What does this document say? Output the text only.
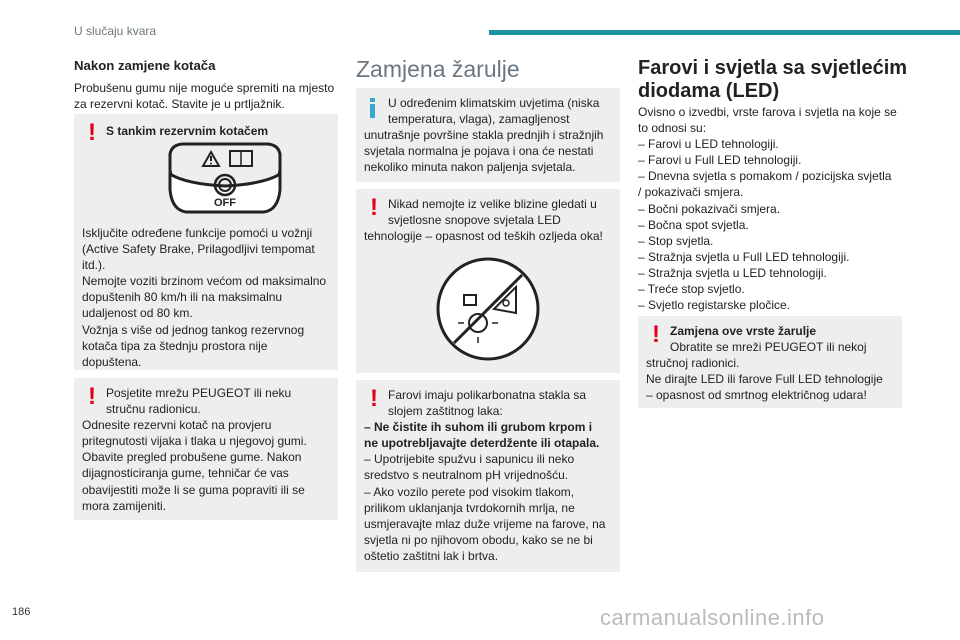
U slučaju kvara
Nakon zamjene kotača
Probušenu gumu nije moguće spremiti na mjesto
za rezervni kotač. Stavite je u prtljažnik.
! S tankim rezervnim kotačem
OFF
Isključite određene funkcije pomoći u vožnji
(Active Safety Brake, Prilagodljivi tempomat
itd.).
Nemojte voziti brzinom većom od maksimalno
dopuštenih 80 km/h ili na maksimalnu
udaljenost od 80 km.
Vožnja s više od jednog tankog rezervnog
kotača tipa za štednju prostora nije
dopuštena.
! Posjetite mrežu PEUGEOT ili neku
stručnu radionicu.
Odnesite rezervni kotač na provjeru
pritegnutosti vijaka i tlaka u njegovoj gumi.
Obavite pregled probušene gume. Nakon
dijagnosticiranja gume, tehničar će vas
obavijestiti može li se guma popraviti ili se
mora zamijeniti.
Zamjena žarulje
U određenim klimatskim uvjetima (niska
temperatura, vlaga), zamagljenost
unutrašnje površine stakla prednjih i stražnjih
svjetala normalna je pojava i ona će nestati
nekoliko minuta nakon paljenja svjetala.
! Nikad nemojte iz velike blizine gledati u
svjetlosne snopove svjetala LED
tehnologije – opasnost od teških ozljeda oka!
! Farovi imaju polikarbonatna stakla sa
slojem zaštitnog laka:
– Ne čistite ih suhom ili grubom krpom i
ne upotrebljavajte deterdžente ili otapala.
– Upotrijebite spužvu i sapunicu ili neko
sredstvo s neutralnom pH vrijednošću.
– Ako vozilo perete pod visokim tlakom,
prilikom uklanjanja tvrdokornih mrlja, ne
usmjeravajte mlaz duže vrijeme na farove, na
svjetla ni po njihovom obodu, kako se ne bi
oštetio zaštitni lak i brtva.
Farovi i svjetla sa svjetlećim
diodama (LED)
Ovisno o izvedbi, vrste farova i svjetla na koje se
to odnosi su:
– Farovi u LED tehnologiji.
– Farovi u Full LED tehnologiji.
– Dnevna svjetla s pomakom / pozicijska svjetla
/ pokazivači smjera.
– Bočni pokazivači smjera.
– Bočna spot svjetla.
– Stop svjetla.
– Stražnja svjetla u Full LED tehnologiji.
– Stražnja svjetla u LED tehnologiji.
– Treće stop svjetlo.
– Svjetlo registarske pločice.
! Zamjena ove vrste žarulje
Obratite se mreži PEUGEOT ili nekoj
stručnoj radionici.
Ne dirajte LED ili farove Full LED tehnologije
– opasnost od smrtnog električnog udara!
186	carmanualsonline.info
